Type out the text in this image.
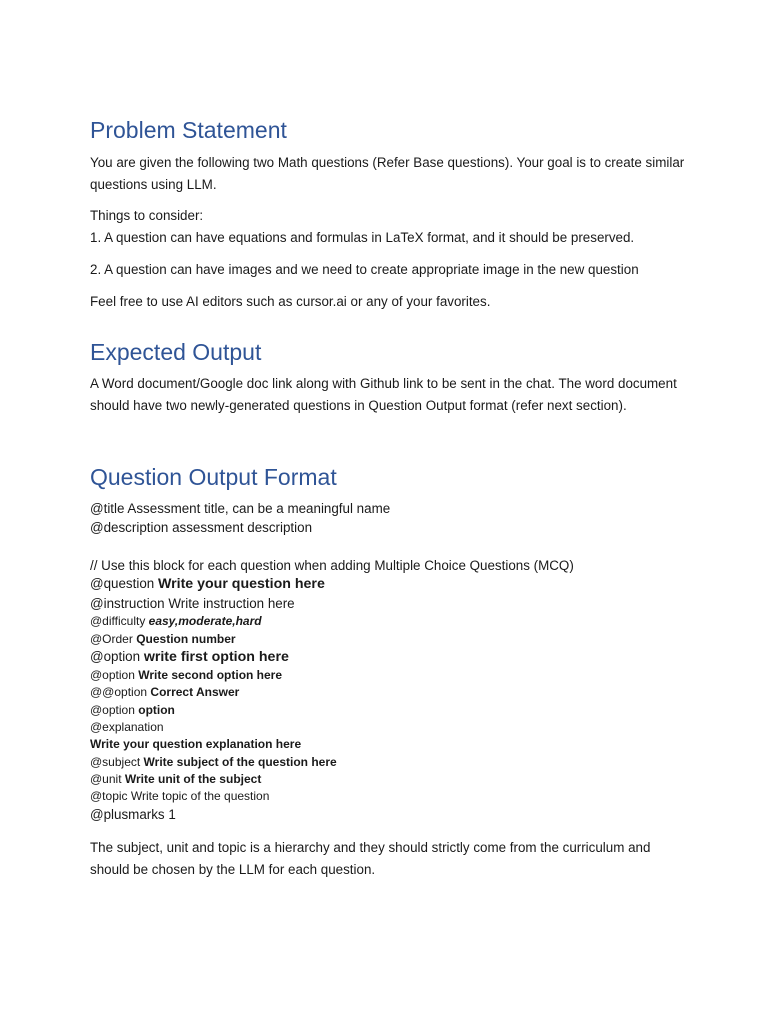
Problem Statement

You are given the following two Math questions (Refer Base questions). Your goal is to create similar questions using LLM.

Things to consider:

1. A question can have equations and formulas in LaTeX format, and it should be preserved.

2. A question can have images and we need to create appropriate image in the new question

Feel free to use AI editors such as cursor.ai or any of your favorites.

Expected Output

A Word document/Google doc link along with Github link to be sent in the chat. The word document should have two newly-generated questions in Question Output format (refer next section).

Question Output Format
@title Assessment title, can be a meaningful name
@description assessment description
// Use this block for each question when adding Multiple Choice Questions (MCQ)
@question Write your question here
@instruction Write instruction here
@difficulty easy,moderate,hard
@Order Question number
@option write first option here
@option Write second option here
@@option Correct Answer
@option option
@explanation
Write your question explanation here
@subject Write subject of the question here
@unit Write unit of the subject
@topic Write topic of the question
@plusmarks 1

The subject, unit and topic is a hierarchy and they should strictly come from the curriculum and should be chosen by the LLM for each question.
